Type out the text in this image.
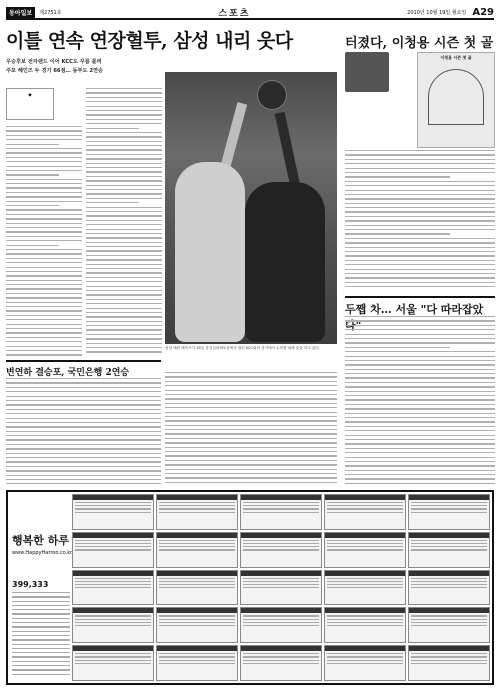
동아일보	제2751호	스포츠	2010년 10월 19일 월요일 A29
이틀 연속 연장혈투, 삼성 내리 웃다
우승후보 전자랜드 이어 KCC도 꾸름 몰려
주포 헤인즈 두 경기 66점… 동부도 2연승
터졌다, 이청용 시즌 첫 골
◆
삼성 애런 헤인즈가 18일 잠실실내체육관에서 열린 KCC와의 경기에서 수비를 피해 슛을 하고 있다.
이청용 시즌 첫 골
두쨉 차… 서울 "다 따라잡았
변연하 결승포, 국민은행 2연승
행복한 하루
www.HappyHarroo.co.kr
399,333
